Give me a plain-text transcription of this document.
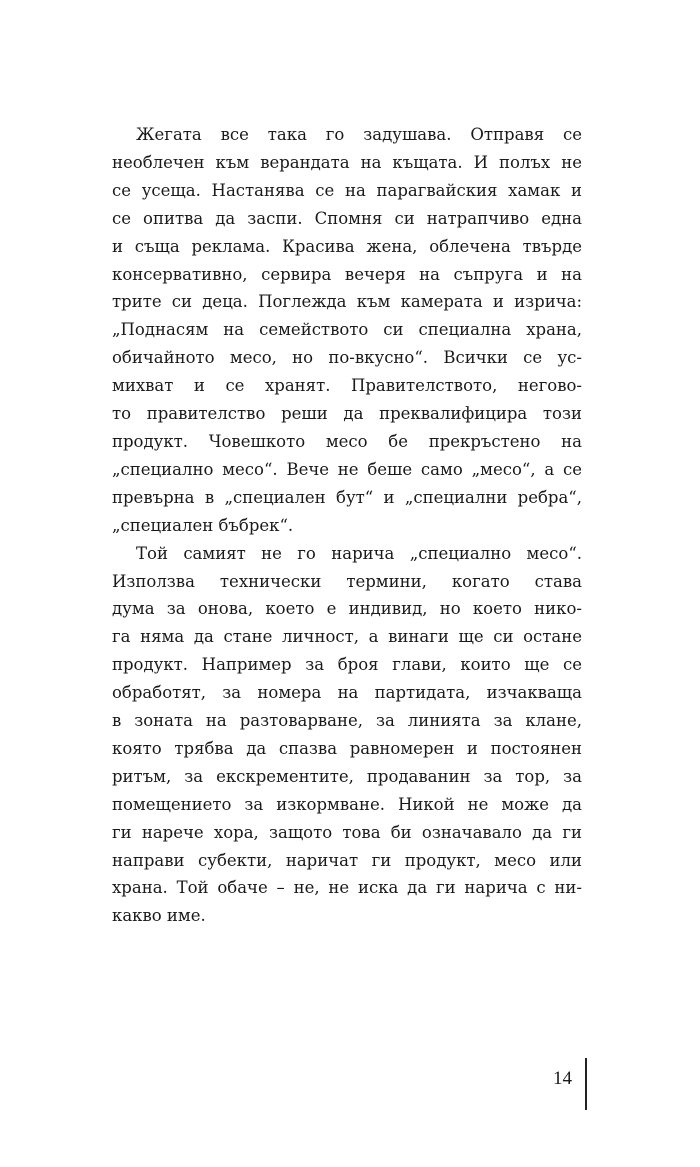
Жегата все така го задушава. Отправя се
необлечен към верандата на къщата. И полъх не
се усеща. Настанява се на парагвайския хамак и
се опитва да заспи. Спомня си натрапчиво една
и съща реклама. Красива жена, облечена твърде
консервативно, сервира вечеря на съпруга и на
трите си деца. Поглежда към камерата и изрича:
„Поднасям на семейството си специална храна,
обичайното месо, но по-вкусно“. Всички се ус-
михват и се хранят. Правителството, негово-
то правителство реши да преквалифицира този
продукт. Човешкото месо бе прекръстено на
„специално месо“. Вече не беше само „месо“, а се
превърна в „специален бут“ и „специални ребра“,
„специален бъбрек“.
Той самият не го нарича „специално месо“.
Използва технически термини, когато става
дума за онова, което е индивид, но което нико-
га няма да стане личност, а винаги ще си остане
продукт. Например за броя глави, които ще се
обработят, за номера на партидата, изчакваща
в зоната на разтоварване, за линията за клане,
която трябва да спазва равномерен и постоянен
ритъм, за екскрементите, продаванин за тор, за
помещението за изкормване. Никой не може да
ги нарече хора, защото това би означавало да ги
направи субекти, наричат ги продукт, месо или
храна. Той обаче – не, не иска да ги нарича с ни-
какво име.
14
